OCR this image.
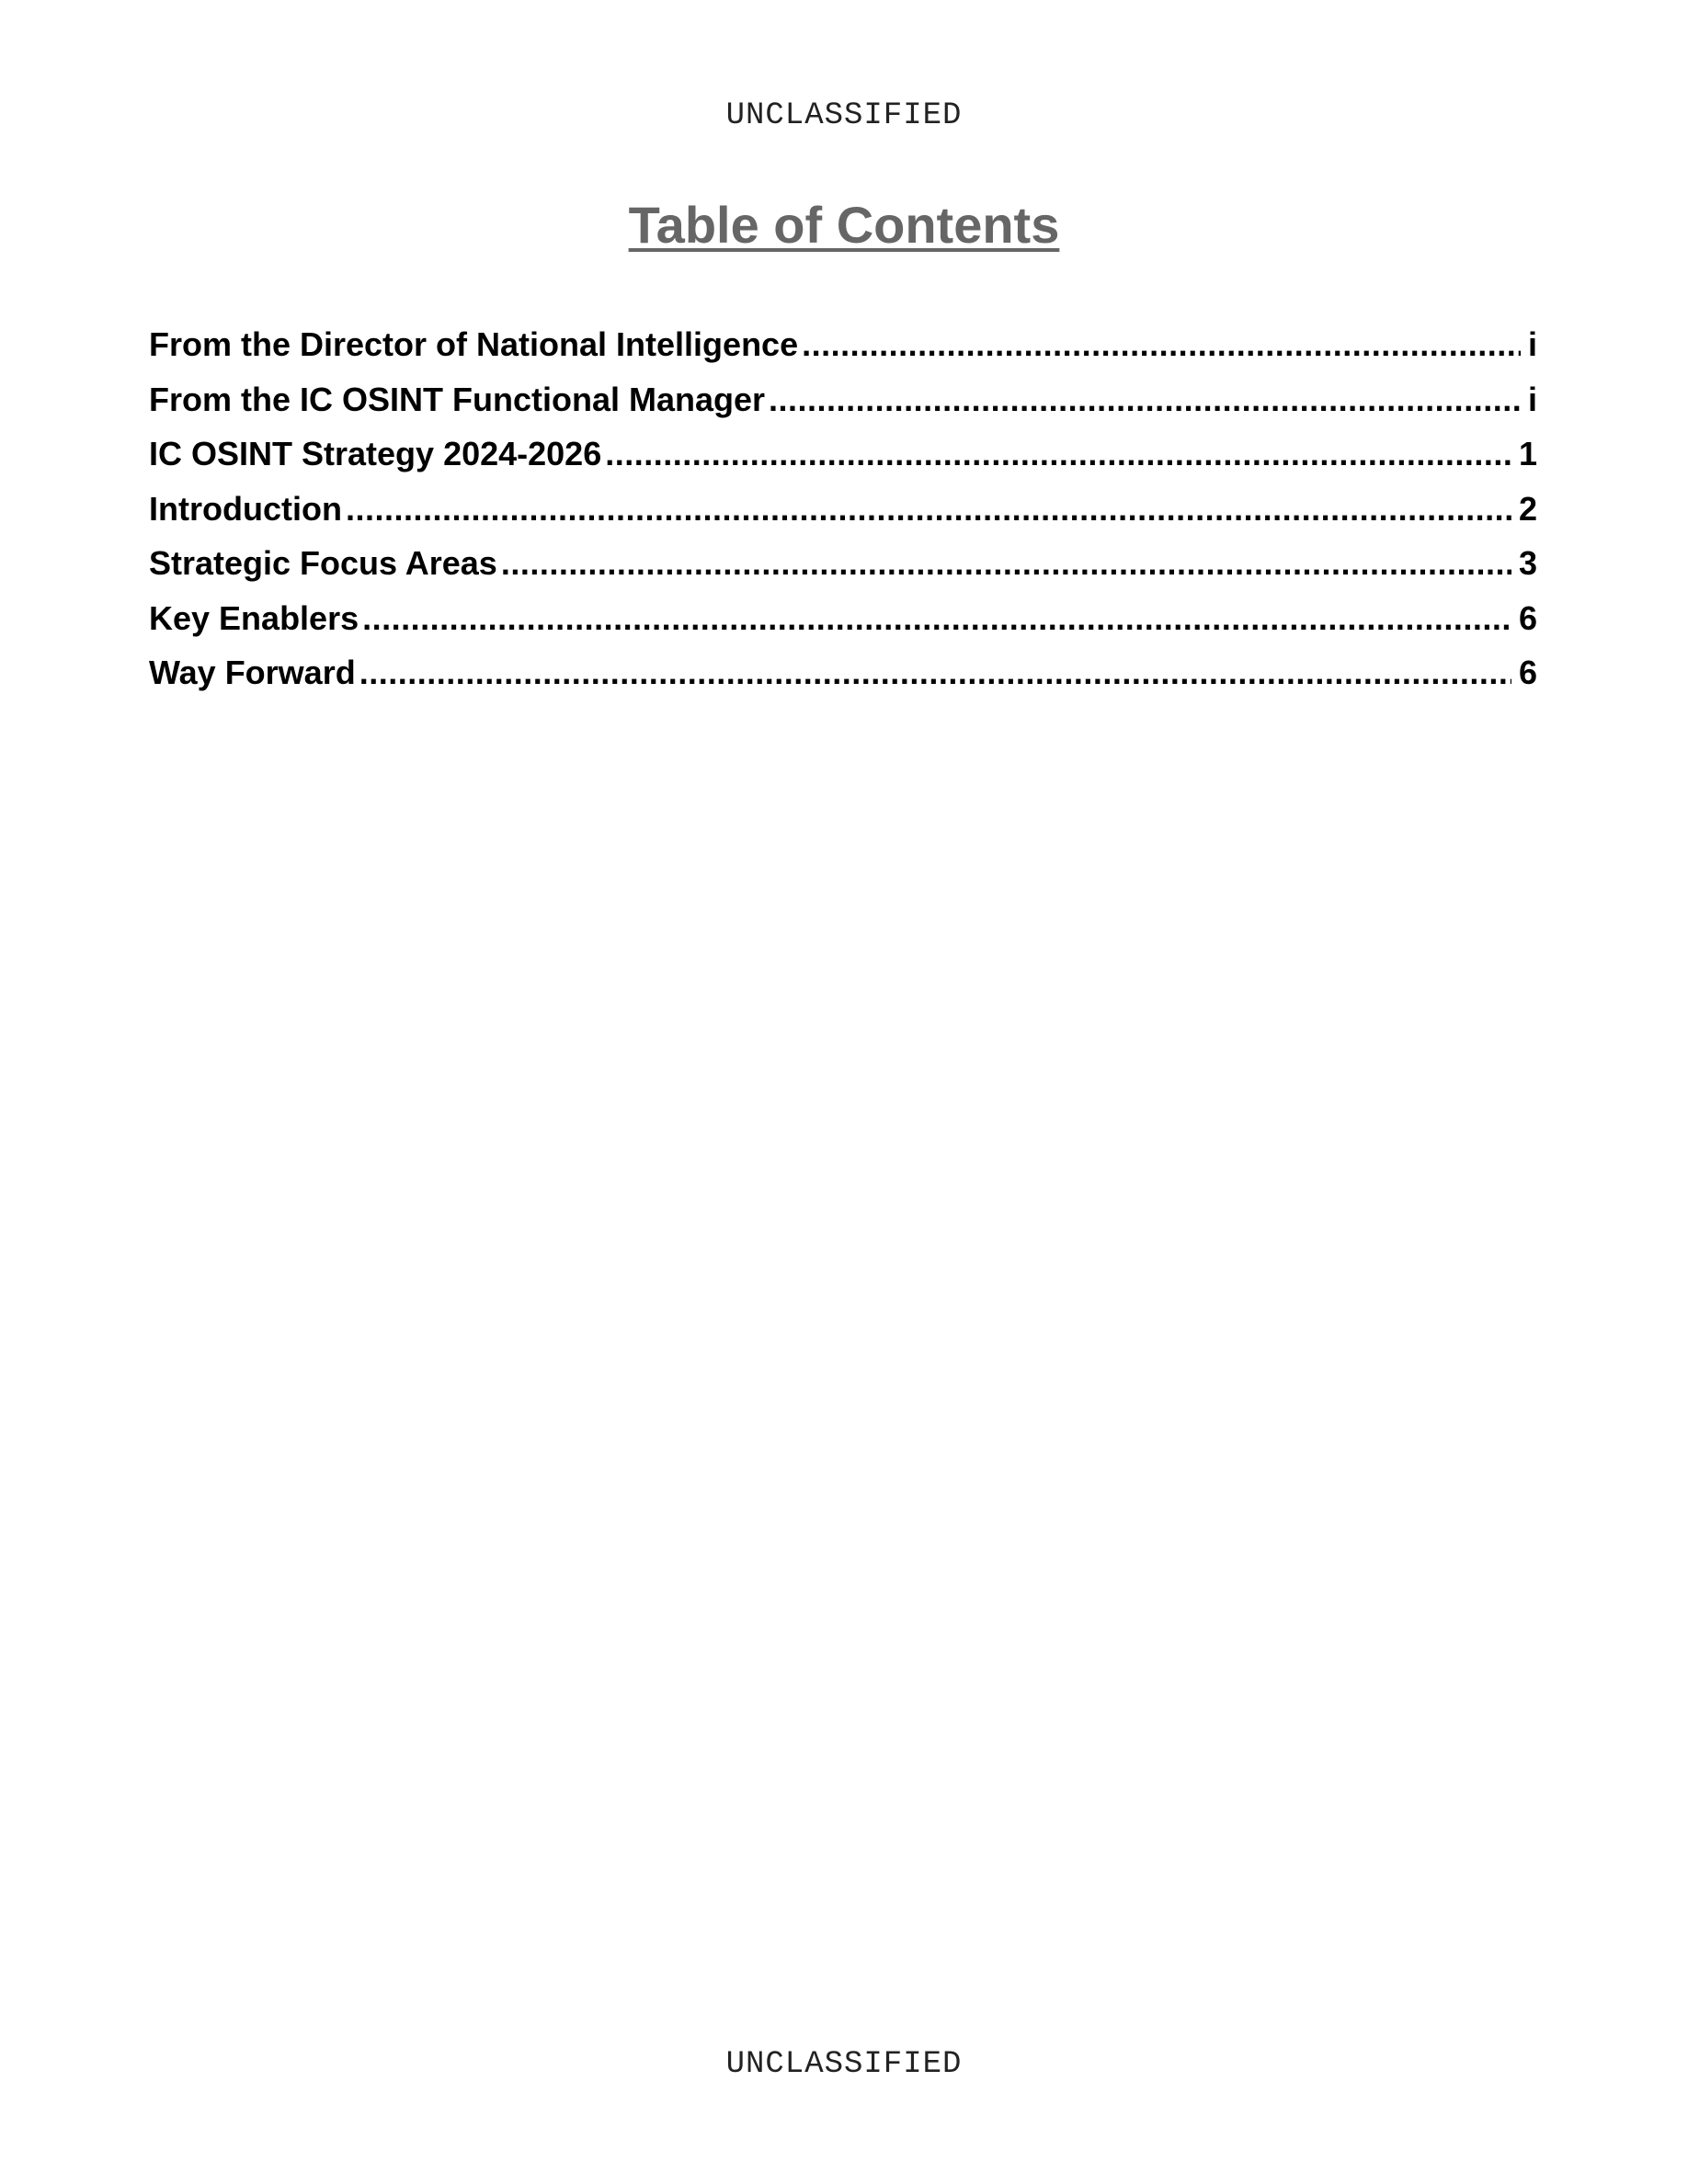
UNCLASSIFIED
Table of Contents
From the Director of National Intelligence .....	i
From the IC OSINT Functional Manager .....	i
IC OSINT Strategy 2024-2026 .....	1
Introduction .....	2
Strategic Focus Areas .....	3
Key Enablers .....	6
Way Forward .....	6
UNCLASSIFIED
